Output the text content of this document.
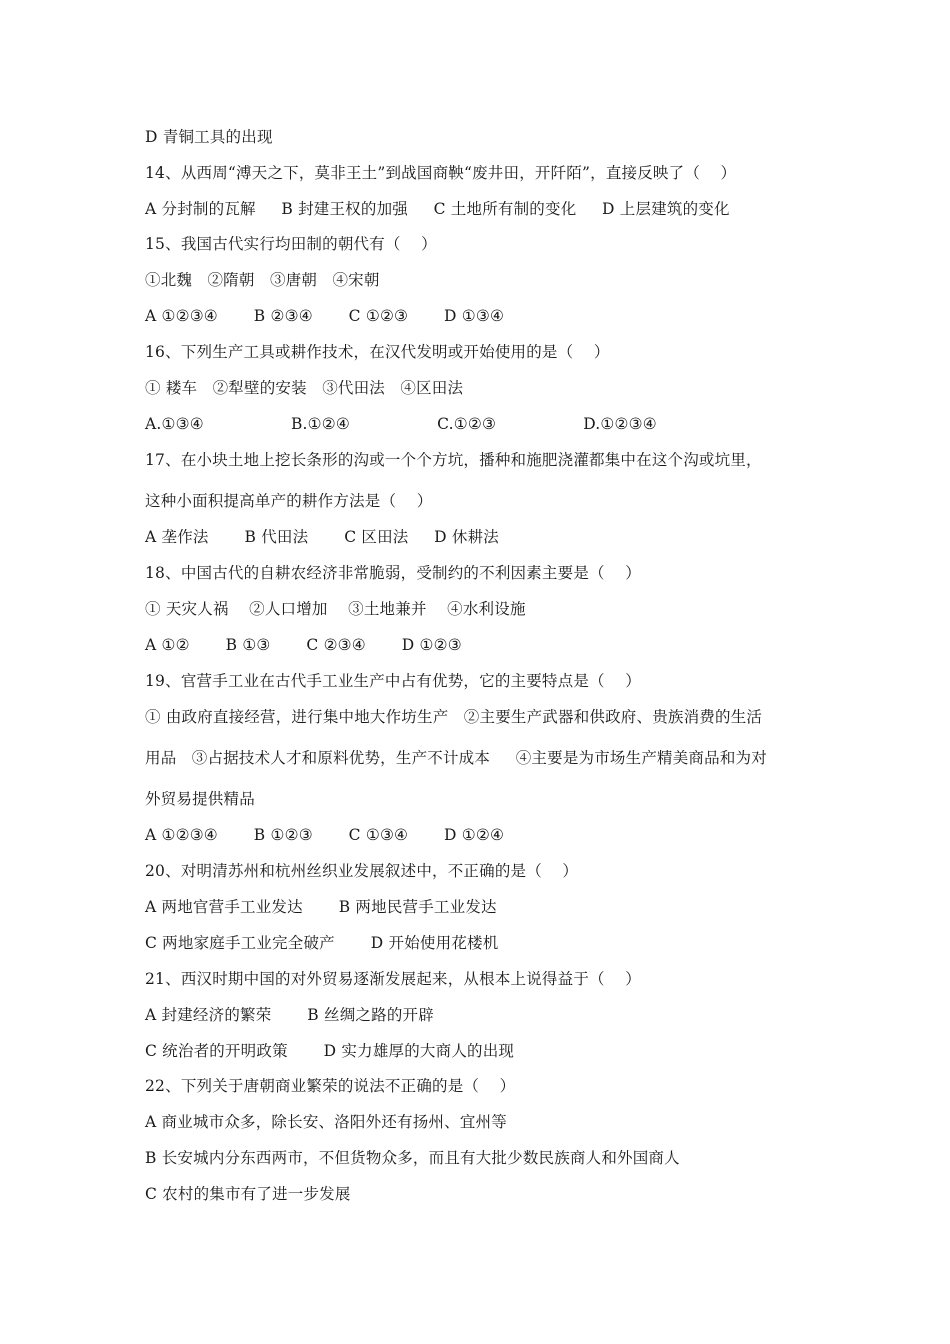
D 青铜工具的出现
14、从西周“溥天之下，莫非王土”到战国商鞅“废井田，开阡陌”，直接反映了（    ）
A 分封制的瓦解     B 封建王权的加强     C 土地所有制的变化     D 上层建筑的变化
15、我国古代实行均田制的朝代有（    ）
①北魏   ②隋朝   ③唐朝   ④宋朝
A ①②③④       B ②③④       C ①②③       D ①③④
16、下列生产工具或耕作技术，在汉代发明或开始使用的是（    ）
① 耧车   ②犁壁的安装   ③代田法   ④区田法
A.①③④                 B.①②④                 C.①②③                 D.①②③④
17、在小块土地上挖长条形的沟或一个个方坑，播种和施肥浇灌都集中在这个沟或坑里，
这种小面积提高单产的耕作方法是（    ）
A 垄作法       B 代田法       C 区田法     D 休耕法
18、中国古代的自耕农经济非常脆弱，受制约的不利因素主要是（    ）
① 天灾人祸    ②人口增加    ③土地兼并    ④水利设施
A ①②       B ①③       C ②③④       D ①②③
19、官营手工业在古代手工业生产中占有优势，它的主要特点是（    ）
① 由政府直接经营，进行集中地大作坊生产   ②主要生产武器和供政府、贵族消费的生活
用品   ③占据技术人才和原料优势，生产不计成本     ④主要是为市场生产精美商品和为对
外贸易提供精品
A ①②③④       B ①②③       C ①③④       D ①②④
20、对明清苏州和杭州丝织业发展叙述中，不正确的是（    ）
A 两地官营手工业发达       B 两地民营手工业发达
C 两地家庭手工业完全破产       D 开始使用花楼机
21、西汉时期中国的对外贸易逐渐发展起来，从根本上说得益于（    ）
A 封建经济的繁荣       B 丝绸之路的开辟
C 统治者的开明政策       D 实力雄厚的大商人的出现
22、下列关于唐朝商业繁荣的说法不正确的是（    ）
A 商业城市众多，除长安、洛阳外还有扬州、宜州等
B 长安城内分东西两市，不但货物众多，而且有大批少数民族商人和外国商人
C 农村的集市有了进一步发展
